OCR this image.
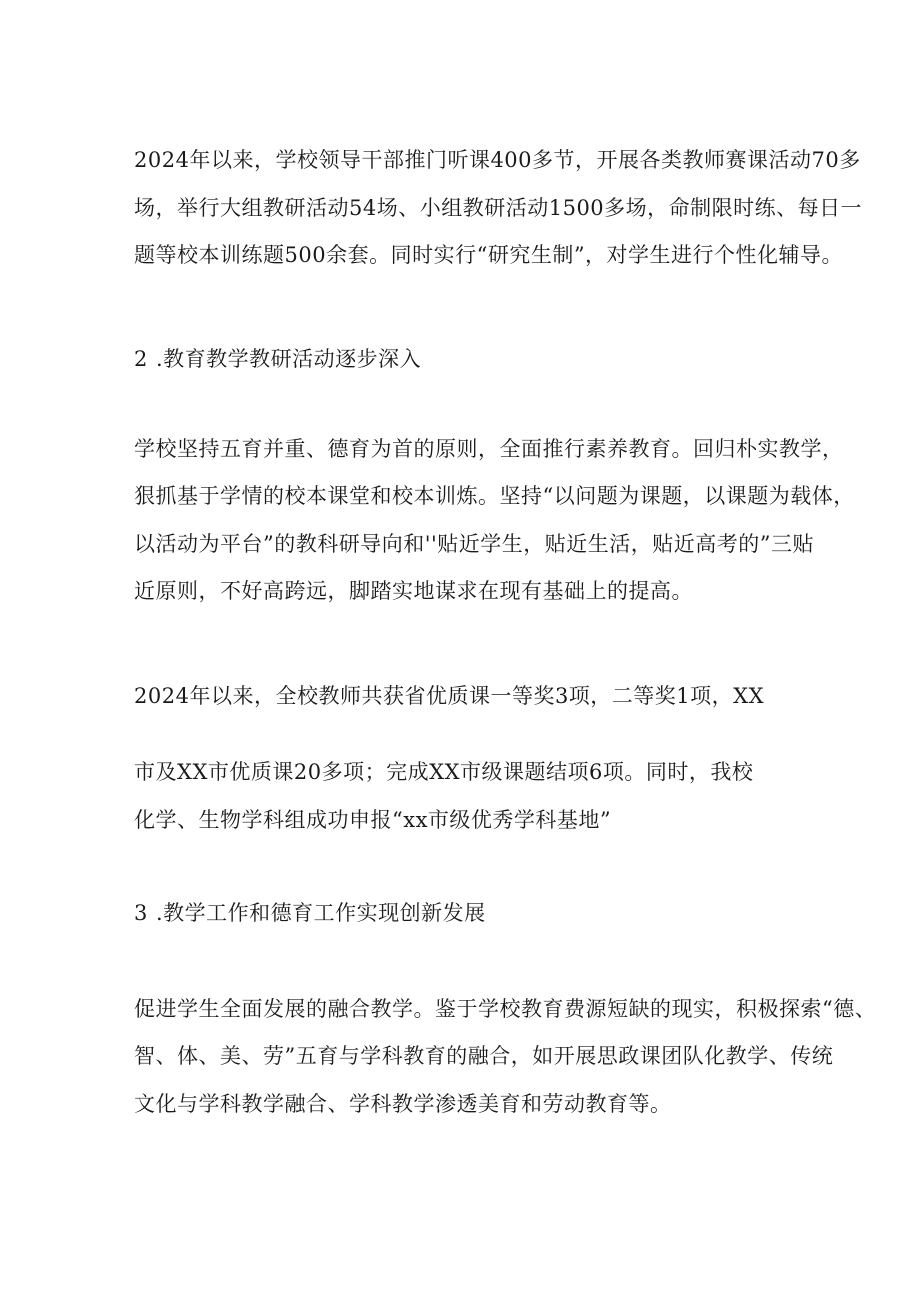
2024年以来，学校领导干部推门听课400多节，开展各类教师赛课活动70多
场，举行大组教研活动54场、小组教研活动1500多场，命制限时练、每日一
题等校本训练题500余套。同时实行“研究生制”，对学生进行个性化辅导。
2 .教育教学教研活动逐步深入
学校坚持五育并重、德育为首的原则，全面推行素养教育。回归朴实教学，
狠抓基于学情的校本课堂和校本训炼。坚持“以问题为课题，以课题为载体，
以活动为平台”的教科研导向和''贴近学生，贴近生活，贴近高考的”三贴
近原则，不好高跨远，脚踏实地谋求在现有基础上的提高。
2024年以来，全校教师共获省优质课一等奖3项，二等奖1项，XX
市及XX市优质课20多项；完成XX市级课题结项6项。同时，我校
化学、生物学科组成功申报“xx市级优秀学科基地”
3 .教学工作和德育工作实现创新发展
促进学生全面发展的融合教学。鉴于学校教育费源短缺的现实，积极探索“德、
智、体、美、劳”五育与学科教育的融合，如开展思政课团队化教学、传统
文化与学科教学融合、学科教学渗透美育和劳动教育等。
